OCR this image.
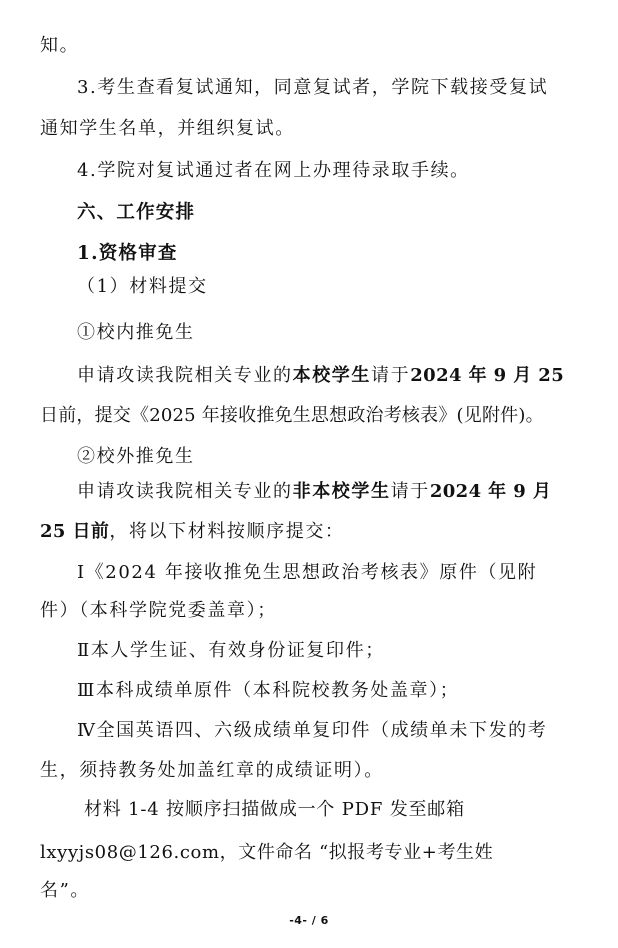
知。
3.考生查看复试通知，同意复试者，学院下载接受复试
通知学生名单，并组织复试。
4.学院对复试通过者在网上办理待录取手续。
六、工作安排
1.资格审查
（1）材料提交
①校内推免生
申请攻读我院相关专业的本校学生请于2024 年 9 月 25
日前，提交《2025 年接收推免生思想政治考核表》(见附件)。
②校外推免生
申请攻读我院相关专业的非本校学生请于2024 年 9 月
25 日前，将以下材料按顺序提交：
Ⅰ《2024 年接收推免生思想政治考核表》原件（见附
件）（本科学院党委盖章）；
Ⅱ本人学生证、有效身份证复印件；
Ⅲ本科成绩单原件（本科院校教务处盖章）；
Ⅳ全国英语四、六级成绩单复印件（成绩单未下发的考
生，须持教务处加盖红章的成绩证明）。
材料 1-4 按顺序扫描做成一个 PDF 发至邮箱
lxyyjs08@126.com，文件命名 “拟报考专业+考生姓
名”。
-4- / 6
